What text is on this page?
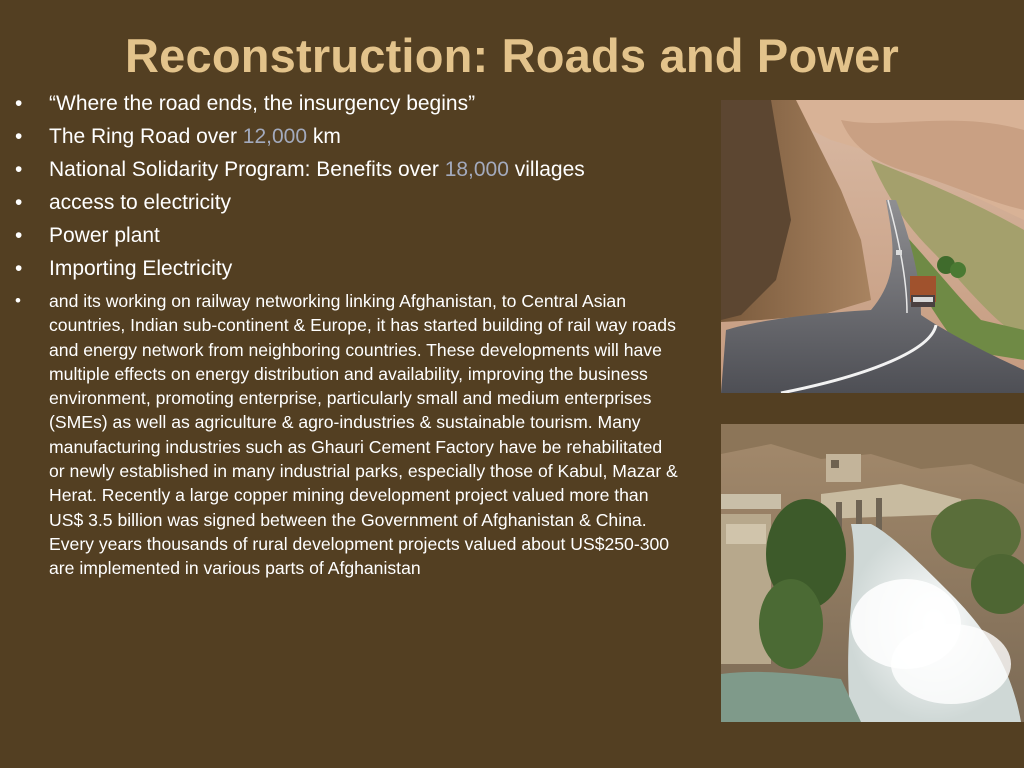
Reconstruction: Roads and Power
• “Where the road ends, the insurgency begins”
• The Ring Road over 12,000 km
• National Solidarity Program: Benefits over 18,000 villages
• access to electricity
• Power plant
• Importing Electricity
• and its working on railway networking linking Afghanistan, to Central Asian countries, Indian sub-continent & Europe, it has started building of rail way roads and energy network from neighboring countries. These developments will have multiple effects on energy distribution and availability, improving the business environment, promoting enterprise, particularly small and medium enterprises (SMEs) as well as agriculture & agro-industries & sustainable tourism. Many manufacturing industries such as Ghauri Cement Factory have be rehabilitated or newly established in many industrial parks, especially those of Kabul, Mazar & Herat. Recently a large copper mining development project valued more than US$ 3.5 billion was signed between the Government of Afghanistan & China. Every years thousands of rural development projects valued about US$250-300 are implemented in various parts of Afghanistan
